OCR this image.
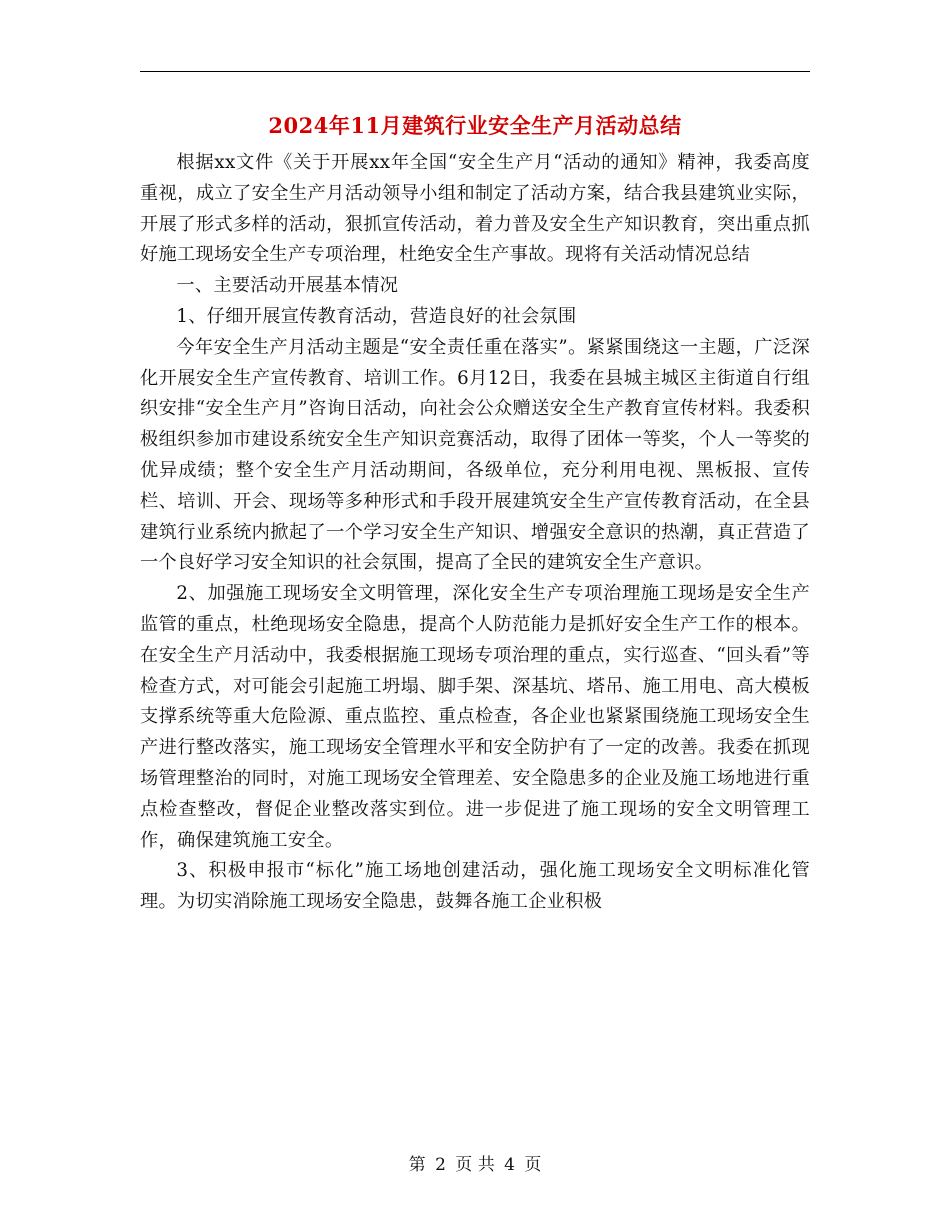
2024年11月建筑行业安全生产月活动总结

根据xx文件《关于开展xx年全国“安全生产月“活动的通知》精神，我委高度重视，成立了安全生产月活动领导小组和制定了活动方案，结合我县建筑业实际，开展了形式多样的活动，狠抓宣传活动，着力普及安全生产知识教育，突出重点抓好施工现场安全生产专项治理，杜绝安全生产事故。现将有关活动情况总结

一、主要活动开展基本情况

1、仔细开展宣传教育活动，营造良好的社会氛围

今年安全生产月活动主题是“安全责任重在落实”。紧紧围绕这一主题，广泛深化开展安全生产宣传教育、培训工作。6月12日，我委在县城主城区主街道自行组织安排“安全生产月”咨询日活动，向社会公众赠送安全生产教育宣传材料。我委积极组织参加市建设系统安全生产知识竞赛活动，取得了团体一等奖，个人一等奖的优异成绩；整个安全生产月活动期间，各级单位，充分利用电视、黑板报、宣传栏、培训、开会、现场等多种形式和手段开展建筑安全生产宣传教育活动，在全县建筑行业系统内掀起了一个学习安全生产知识、增强安全意识的热潮，真正营造了一个良好学习安全知识的社会氛围，提高了全民的建筑安全生产意识。

2、加强施工现场安全文明管理，深化安全生产专项治理施工现场是安全生产监管的重点，杜绝现场安全隐患，提高个人防范能力是抓好安全生产工作的根本。在安全生产月活动中，我委根据施工现场专项治理的重点，实行巡查、“回头看”等检查方式，对可能会引起施工坍塌、脚手架、深基坑、塔吊、施工用电、高大模板支撑系统等重大危险源、重点监控、重点检查，各企业也紧紧围绕施工现场安全生产进行整改落实，施工现场安全管理水平和安全防护有了一定的改善。我委在抓现场管理整治的同时，对施工现场安全管理差、安全隐患多的企业及施工场地进行重点检查整改，督促企业整改落实到位。进一步促进了施工现场的安全文明管理工作，确保建筑施工安全。

3、积极申报市“标化”施工场地创建活动，强化施工现场安全文明标准化管理。为切实消除施工现场安全隐患，鼓舞各施工企业积极

第 2 页 共 4 页
